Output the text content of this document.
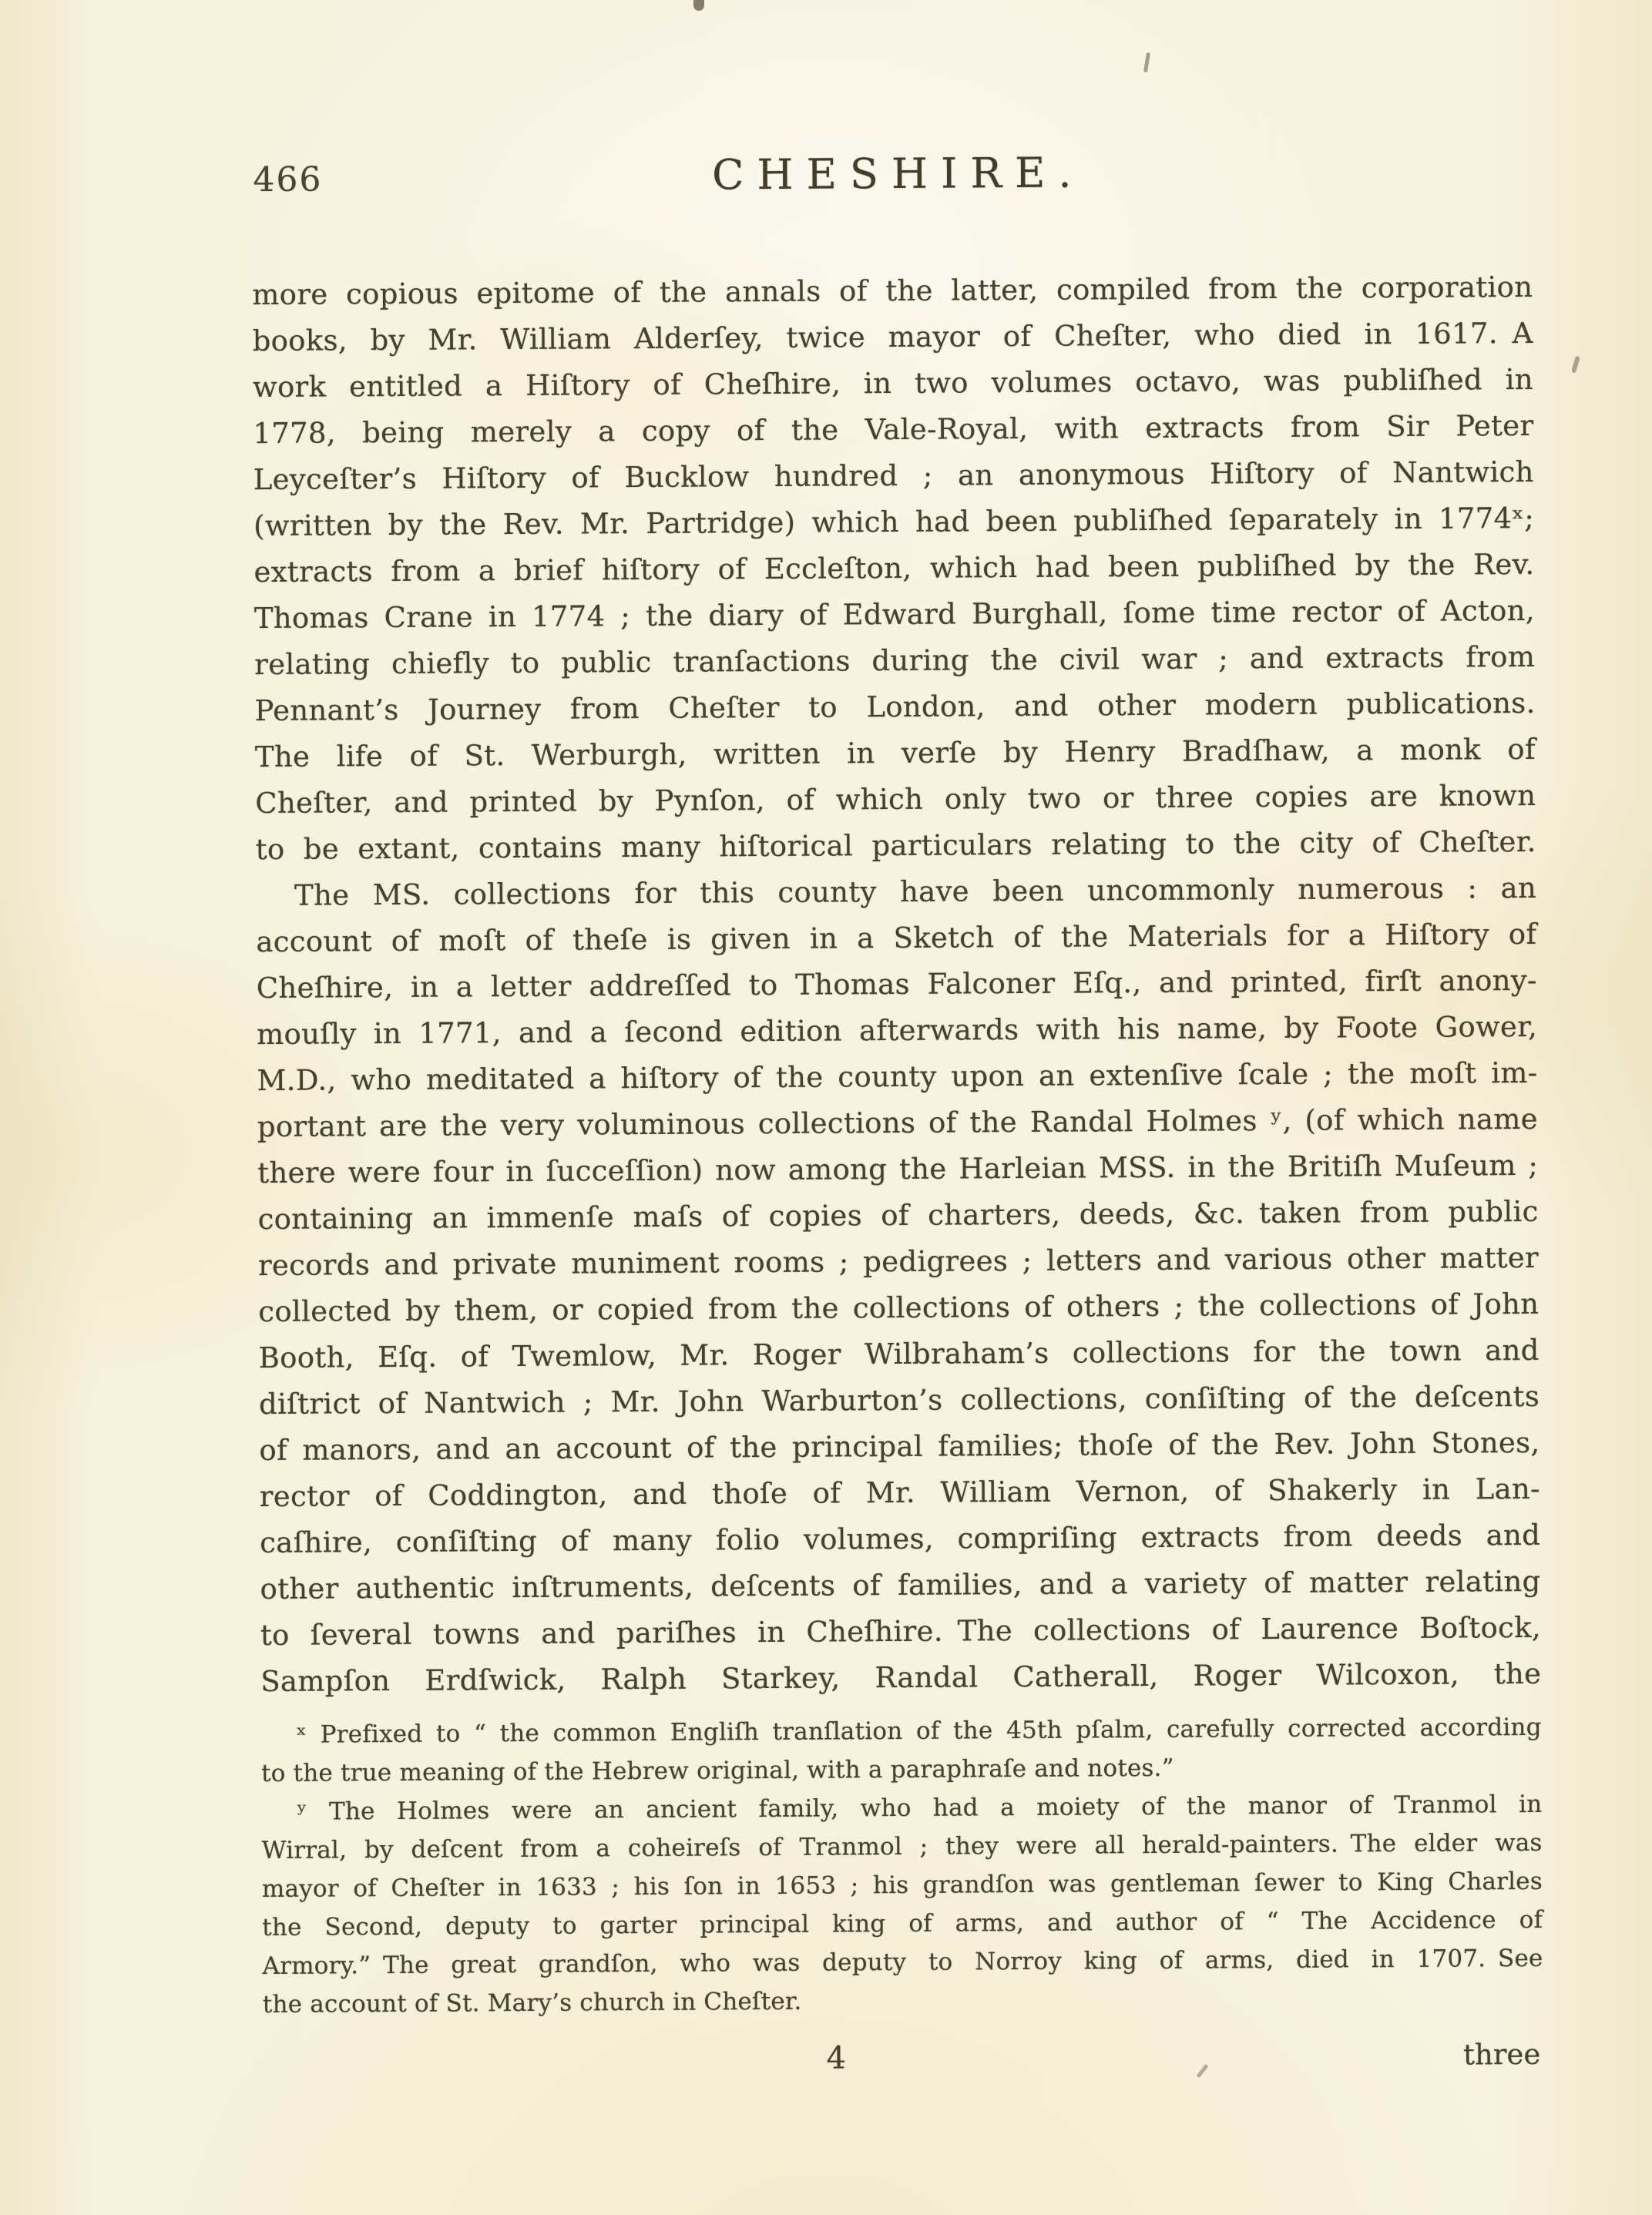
466	CHESHIRE.
more copious epitome of the annals of the latter, compiled from the corporation
books, by Mr. William Alderſey, twice mayor of Cheſter, who died in 1617. A
work entitled a Hiſtory of Cheſhire, in two volumes octavo, was publiſhed in
1778, being merely a copy of the Vale-Royal, with extracts from Sir Peter
Leyceſter’s Hiſtory of Bucklow hundred ; an anonymous Hiſtory of Nantwich
(written by the Rev. Mr. Partridge) which had been publiſhed ſeparately in 1774ˣ;
extracts from a brief hiſtory of Eccleſton, which had been publiſhed by the Rev.
Thomas Crane in 1774 ; the diary of Edward Burghall, ſome time rector of Acton,
relating chiefly to public tranſactions during the civil war ; and extracts from
Pennant’s Journey from Cheſter to London, and other modern publications.
The life of St. Werburgh, written in verſe by Henry Bradſhaw, a monk of
Cheſter, and printed by Pynſon, of which only two or three copies are known
to be extant, contains many hiſtorical particulars relating to the city of Cheſter.
The MS. collections for this county have been uncommonly numerous : an
account of moſt of theſe is given in a Sketch of the Materials for a Hiſtory of
Cheſhire, in a letter addreſſed to Thomas Falconer Eſq., and printed, firſt anony-
mouſly in 1771, and a ſecond edition afterwards with his name, by Foote Gower,
M.D., who meditated a hiſtory of the county upon an extenſive ſcale ; the moſt im-
portant are the very voluminous collections of the Randal Holmes ʸ, (of which name
there were four in ſucceſſion) now among the Harleian MSS. in the Britiſh Muſeum ;
containing an immenſe maſs of copies of charters, deeds, &c. taken from public
records and private muniment rooms ; pedigrees ; letters and various other matter
collected by them, or copied from the collections of others ; the collections of John
Booth, Eſq. of Twemlow, Mr. Roger Wilbraham’s collections for the town and
diſtrict of Nantwich ; Mr. John Warburton’s collections, conſiſting of the deſcents
of manors, and an account of the principal families; thoſe of the Rev. John Stones,
rector of Coddington, and thoſe of Mr. William Vernon, of Shakerly in Lan-
caſhire, conſiſting of many folio volumes, compriſing extracts from deeds and
other authentic inſtruments, deſcents of families, and a variety of matter relating
to ſeveral towns and pariſhes in Cheſhire. The collections of Laurence Boſtock,
Sampſon Erdſwick, Ralph Starkey, Randal Catherall, Roger Wilcoxon, the
ˣ Prefixed to “ the common Engliſh tranſlation of the 45th pſalm, carefully corrected according
to the true meaning of the Hebrew original, with a paraphraſe and notes.”
ʸ The Holmes were an ancient family, who had a moiety of the manor of Tranmol in
Wirral, by deſcent from a coheireſs of Tranmol ; they were all herald-painters. The elder was
mayor of Cheſter in 1633 ; his ſon in 1653 ; his grandſon was gentleman ſewer to King Charles
the Second, deputy to garter principal king of arms, and author of “ The Accidence of
Armory.” The great grandſon, who was deputy to Norroy king of arms, died in 1707. See
the account of St. Mary’s church in Cheſter.
4	three
